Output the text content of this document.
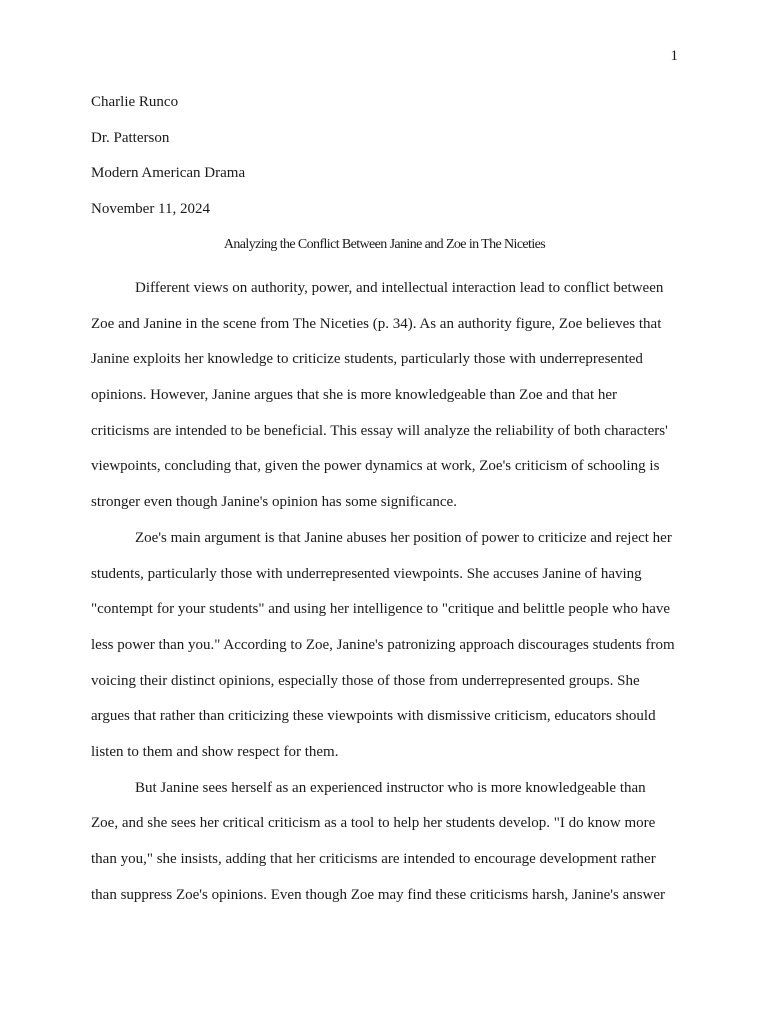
1

Charlie Runco

Dr. Patterson

Modern American Drama

November 11, 2024

Analyzing the Conflict Between Janine and Zoe in The Niceties
Different views on authority, power, and intellectual interaction lead to conflict between
Zoe and Janine in the scene from The Niceties (p. 34). As an authority figure, Zoe believes that
Janine exploits her knowledge to criticize students, particularly those with underrepresented
opinions. However, Janine argues that she is more knowledgeable than Zoe and that her
criticisms are intended to be beneficial. This essay will analyze the reliability of both characters'
viewpoints, concluding that, given the power dynamics at work, Zoe's criticism of schooling is
stronger even though Janine's opinion has some significance.
Zoe's main argument is that Janine abuses her position of power to criticize and reject her
students, particularly those with underrepresented viewpoints. She accuses Janine of having
"contempt for your students" and using her intelligence to "critique and belittle people who have
less power than you." According to Zoe, Janine's patronizing approach discourages students from
voicing their distinct opinions, especially those of those from underrepresented groups. She
argues that rather than criticizing these viewpoints with dismissive criticism, educators should
listen to them and show respect for them.
But Janine sees herself as an experienced instructor who is more knowledgeable than
Zoe, and she sees her critical criticism as a tool to help her students develop. "I do know more
than you," she insists, adding that her criticisms are intended to encourage development rather
than suppress Zoe's opinions. Even though Zoe may find these criticisms harsh, Janine's answer
